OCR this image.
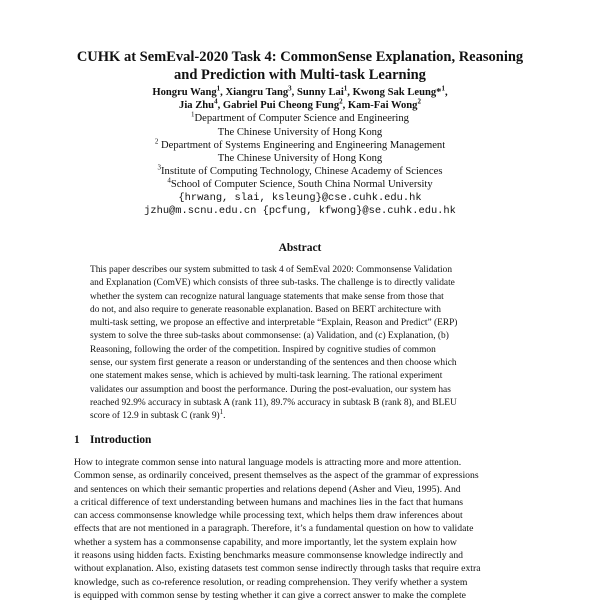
CUHK at SemEval-2020 Task 4: CommonSense Explanation, Reasoning
and Prediction with Multi-task Learning
Hongru Wang$^1$, Xiangru Tang$^3$, Sunny Lai$^1$, Kwong Sak Leung*$^1$,
Jia Zhu$^4$, Gabriel Pui Cheong Fung$^2$, Kam-Fai Wong$^2$
$^1$Department of Computer Science and Engineering
The Chinese University of Hong Kong
$^2$ Department of Systems Engineering and Engineering Management
The Chinese University of Hong Kong
$^3$Institute of Computing Technology, Chinese Academy of Sciences
$^4$School of Computer Science, South China Normal University
{hrwang, slai, ksleung}@cse.cuhk.edu.hk
jzhu@m.scnu.edu.cn {pcfung, kfwong}@se.cuhk.edu.hk
Abstract
This paper describes our system submitted to task 4 of SemEval 2020: Commonsense Validation
and Explanation (ComVE) which consists of three sub-tasks. The challenge is to directly validate
whether the system can recognize natural language statements that make sense from those that
do not, and also require to generate reasonable explanation. Based on BERT architecture with
multi-task setting, we propose an effective and interpretable “Explain, Reason and Predict” (ERP)
system to solve the three sub-tasks about commonsense: (a) Validation, and (c) Explanation, (b)
Reasoning, following the order of the competition. Inspired by cognitive studies of common
sense, our system first generate a reason or understanding of the sentences and then choose which
one statement makes sense, which is achieved by multi-task learning. The rational experiment
validates our assumption and boost the performance. During the post-evaluation, our system has
reached 92.9% accuracy in subtask A (rank 11), 89.7% accuracy in subtask B (rank 8), and BLEU
score of 12.9 in subtask C (rank 9)$^1$.
1 Introduction
How to integrate common sense into natural language models is attracting more and more attention.
Common sense, as ordinarily conceived, present themselves as the aspect of the grammar of expressions
and sentences on which their semantic properties and relations depend (Asher and Vieu, 1995). And
a critical difference of text understanding between humans and machines lies in the fact that humans
can access commonsense knowledge while processing text, which helps them draw inferences about
effects that are not mentioned in a paragraph. Therefore, it’s a fundamental question on how to validate
whether a system has a commonsense capability, and more importantly, let the system explain how
it reasons using hidden facts. Existing benchmarks measure commonsense knowledge indirectly and
without explanation. Also, existing datasets test common sense indirectly through tasks that require extra
knowledge, such as co-reference resolution, or reading comprehension. They verify whether a system
is equipped with common sense by testing whether it can give a correct answer to make the complete
